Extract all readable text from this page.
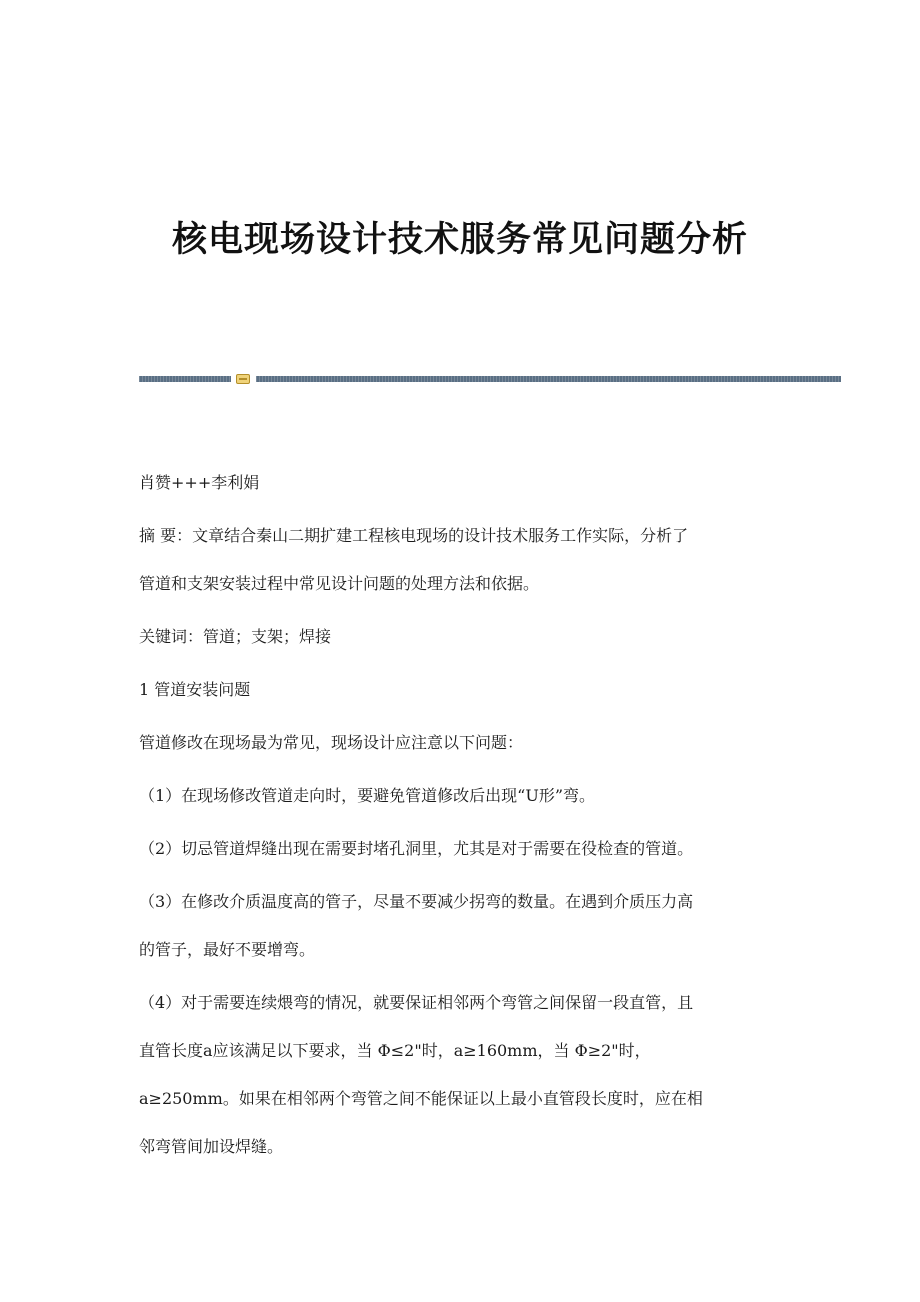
核电现场设计技术服务常见问题分析

肖赞+++李利娟

摘 要：文章结合秦山二期扩建工程核电现场的设计技术服务工作实际，分析了

管道和支架安装过程中常见设计问题的处理方法和依据。

关键词：管道；支架；焊接

1 管道安装问题

管道修改在现场最为常见，现场设计应注意以下问题：

（1）在现场修改管道走向时，要避免管道修改后出现“U形”弯。

（2）切忌管道焊缝出现在需要封堵孔洞里，尤其是对于需要在役检查的管道。

（3）在修改介质温度高的管子，尽量不要减少拐弯的数量。在遇到介质压力高

的管子，最好不要增弯。

（4）对于需要连续煨弯的情况，就要保证相邻两个弯管之间保留一段直管，且

直管长度a应该满足以下要求，当 Φ≤2"时，a≥160mm，当 Φ≥2"时，

a≥250mm。如果在相邻两个弯管之间不能保证以上最小直管段长度时，应在相

邻弯管间加设焊缝。
